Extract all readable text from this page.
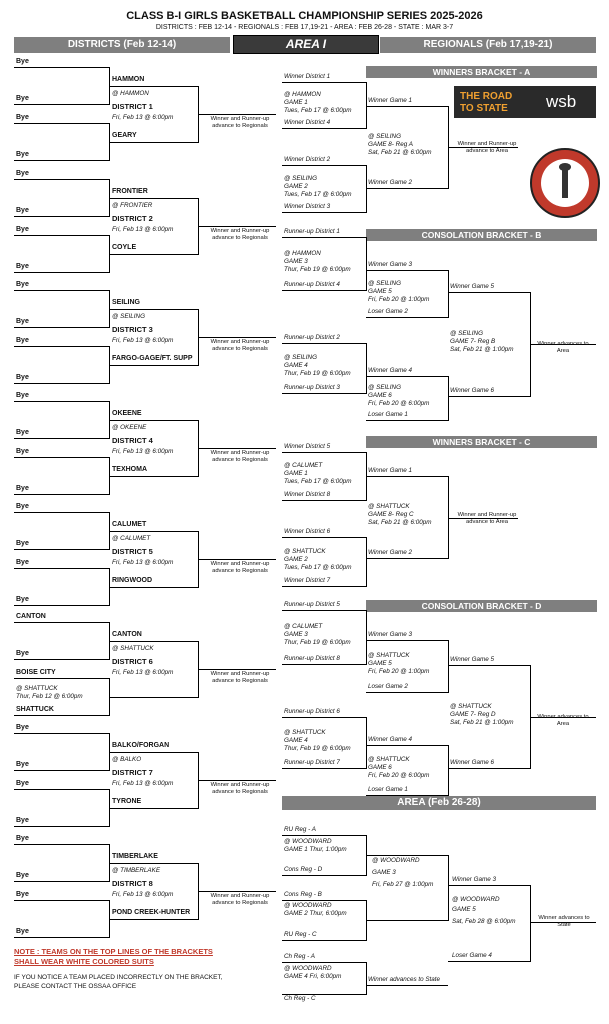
CLASS B-I GIRLS BASKETBALL CHAMPIONSHIP SERIES 2025-2026
DISTRICTS : FEB 12-14 - REGIONALS : FEB 17,19-21 - AREA : FEB 26-28 - STATE : MAR 3-7
DISTRICTS (Feb 12-14)	AREA I	REGIONALS (Feb 17,19-21)
Bye
Bye
Bye
Bye
HAMMON
@ HAMMON
DISTRICT 1
Fri, Feb 13 @ 6:00pm
GEARY
Winner and Runner-up advance to Regionals
Bye
Bye
Bye
Bye
FRONTIER
@ FRONTIER
DISTRICT 2
Fri, Feb 13 @ 6:00pm
COYLE
Winner and Runner-up advance to Regionals
Bye
Bye
Bye
Bye
SEILING
@ SEILING
DISTRICT 3
Fri, Feb 13 @ 6:00pm
FARGO-GAGE/FT. SUPP
Winner and Runner-up advance to Regionals
Bye
Bye
Bye
Bye
OKEENE
@ OKEENE
DISTRICT 4
Fri, Feb 13 @ 6:00pm
TEXHOMA
Winner and Runner-up advance to Regionals
Bye
Bye
Bye
Bye
CALUMET
@ CALUMET
DISTRICT 5
Fri, Feb 13 @ 6:00pm
RINGWOOD
Winner and Runner-up advance to Regionals
CANTON
Bye
BOISE CITY
SHATTUCK
@ SHATTUCK
Thur, Feb 12 @ 6:00pm
CANTON
@ SHATTUCK
DISTRICT 6
Fri, Feb 13 @ 6:00pm	Winner and Runner-up advance to Regionals
Bye
Bye
Bye
Bye
BALKO/FORGAN
@ BALKO
DISTRICT 7
Fri, Feb 13 @ 6:00pm
TYRONE
Winner and Runner-up advance to Regionals
Bye
Bye
Bye
Bye
TIMBERLAKE
@ TIMBERLAKE
DISTRICT 8
Fri, Feb 13 @ 6:00pm
POND CREEK-HUNTER
Winner and Runner-up advance to Regionals
WINNERS BRACKET - A
Winner District 1
@ HAMMON
GAME 1
Tues, Feb 17 @ 6:00pm
Winner District 4
Winner District 2
@ SEILING
GAME 2
Tues, Feb 17 @ 6:00pm
Winner District 3
Winner Game 1
@ SEILING
GAME 8- Reg A
Sat, Feb 21 @ 6:00pm
Winner Game 2
Winner and Runner-up advance to Area
CONSOLATION BRACKET - B
Runner-up District 1
@ HAMMON
GAME 3
Thur, Feb 19 @ 6:00pm
Runner-up District 4
Winner Game 3
@ SEILING
GAME 5
Fri, Feb 20 @ 1:00pm
Loser Game 2
Runner-up District 2
@ SEILING
GAME 4
Thur, Feb 19 @ 6:00pm
Runner-up District 3
Winner Game 4
@ SEILING
GAME 6
Fri, Feb 20 @ 6:00pm
Loser Game 1
Winner Game 5
@ SEILING
GAME 7- Reg B
Sat, Feb 21 @ 1:00pm
Winner Game 6
Winner advances to Area
WINNERS BRACKET - C
Winner District 5
@ CALUMET
GAME 1
Tues, Feb 17 @ 6:00pm
Winner District 8
Winner District 6
@ SHATTUCK
GAME 2
Tues, Feb 17 @ 6:00pm
Winner District 7
Winner Game 1
@ SHATTUCK
GAME 8- Reg C
Sat, Feb 21 @ 6:00pm
Winner Game 2
Winner and Runner-up advance to Area
CONSOLATION BRACKET - D
Runner-up District 5
@ CALUMET
GAME 3
Thur, Feb 19 @ 6:00pm
Runner-up District 8
Winner Game 3
@ SHATTUCK
GAME 5
Fri, Feb 20 @ 1:00pm
Loser Game 2
Runner-up District 6
@ SHATTUCK
GAME 4
Thur, Feb 19 @ 6:00pm
Runner-up District 7
Winner Game 4
@ SHATTUCK
GAME 6
Fri, Feb 20 @ 6:00pm
Loser Game 1
Winner Game 5
@ SHATTUCK
GAME 7- Reg D
Sat, Feb 21 @ 1:00pm
Winner Game 6
Winner advances to Area
AREA (Feb 26-28)
RU Reg - A
@ WOODWARD
GAME 1 Thur, 1:00pm
Cons Reg - D
Cons Reg - B
@ WOODWARD
GAME 2 Thur, 6:00pm
RU Reg - C
@ WOODWARD
GAME 3
Fri, Feb 27 @ 1:00pm
Ch Reg - A
@ WOODWARD
GAME 4 Fri, 6:00pm
Ch Reg - C
Winner advances to State
Winner Game 3
@ WOODWARD
GAME 5
Sat, Feb 28 @ 6:00pm
Loser Game 4
Winner advances to State
THE ROAD
TO STATE wsb
NOTE : TEAMS ON THE TOP LINES OF THE BRACKETS
SHALL WEAR WHITE COLORED SUITS
IF YOU NOTICE A TEAM PLACED INCORRECTLY ON THE BRACKET,
PLEASE CONTACT THE OSSAA OFFICE
